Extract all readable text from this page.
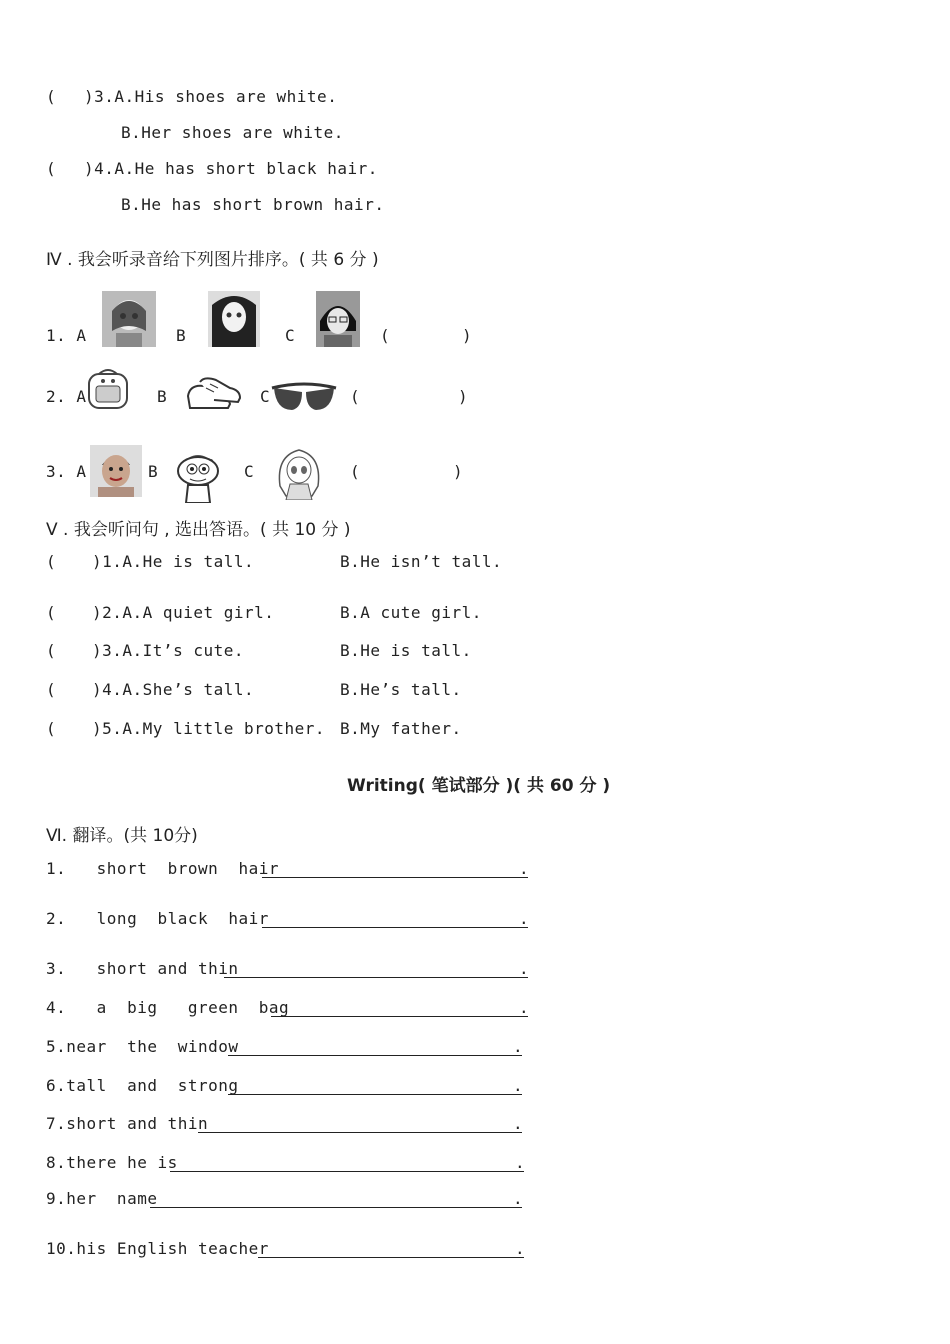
( )3.A.His shoes are white.
B.Her shoes are white.
( )4.A.He has short black hair.
B.He has short brown hair.
Ⅳ . 我会听录音给下列图片排序。( 共 6 分 )
1. A	B	C	(	)
2. A	B	C	(	)
3. A	B	C	(	)
Ⅴ . 我会听问句 , 选出答语。( 共 10 分 )
( )1.A.He is tall.	B.He isn’t tall.
( )2.A.A quiet girl.	B.A cute girl.
( )3.A.It’s cute.	B.He is tall.
( )4.A.She’s tall.	B.He’s tall.
( )5.A.My little brother. B.My father.
Writing( 笔试部分 )( 共 60 分 )
Ⅵ. 翻译。(共 10分)
1.   short  brown  hair	.
2.   long  black  hair	.
3.   short and thin	.
4.   a  big   green  bag	.
5.near  the  window	.
6.tall  and  strong	.
7.short and thin	.
8.there he is	.
9.her  name	.
10.his English teacher	.
